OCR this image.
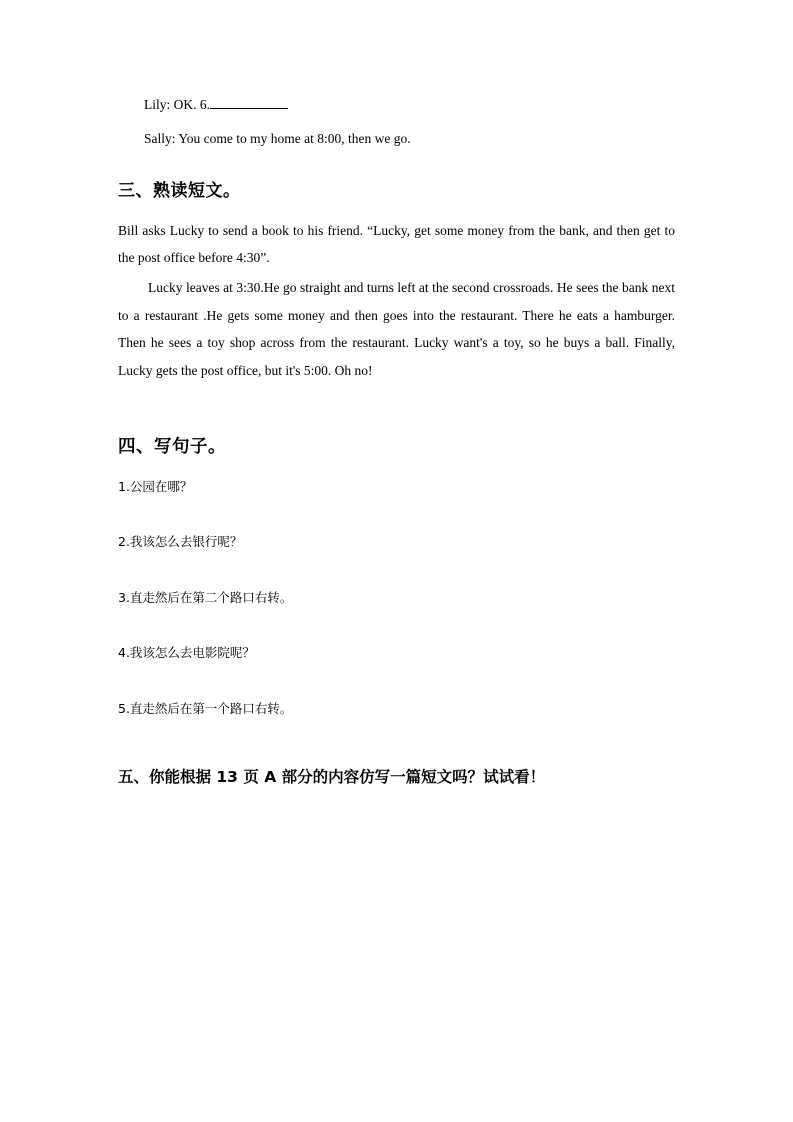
Lily: OK. 6.

Sally: You come to my home at 8:00, then we go.

三、熟读短文。

Bill asks Lucky to send a book to his friend. “Lucky, get some money from the bank, and then get to the post office before 4:30”.

Lucky leaves at 3:30.He go straight and turns left at the second crossroads. He sees the bank next to a restaurant .He gets some money and then goes into the restaurant. There he eats a hamburger. Then he sees a toy shop across from the restaurant. Lucky want's a toy, so he buys a ball. Finally, Lucky gets the post office, but it's 5:00. Oh no!

四、写句子。

1.公园在哪？

2.我该怎么去银行呢？

3.直走然后在第二个路口右转。

4.我该怎么去电影院呢？

5.直走然后在第一个路口右转。

五、你能根据 13 页 A 部分的内容仿写一篇短文吗？试试看！
